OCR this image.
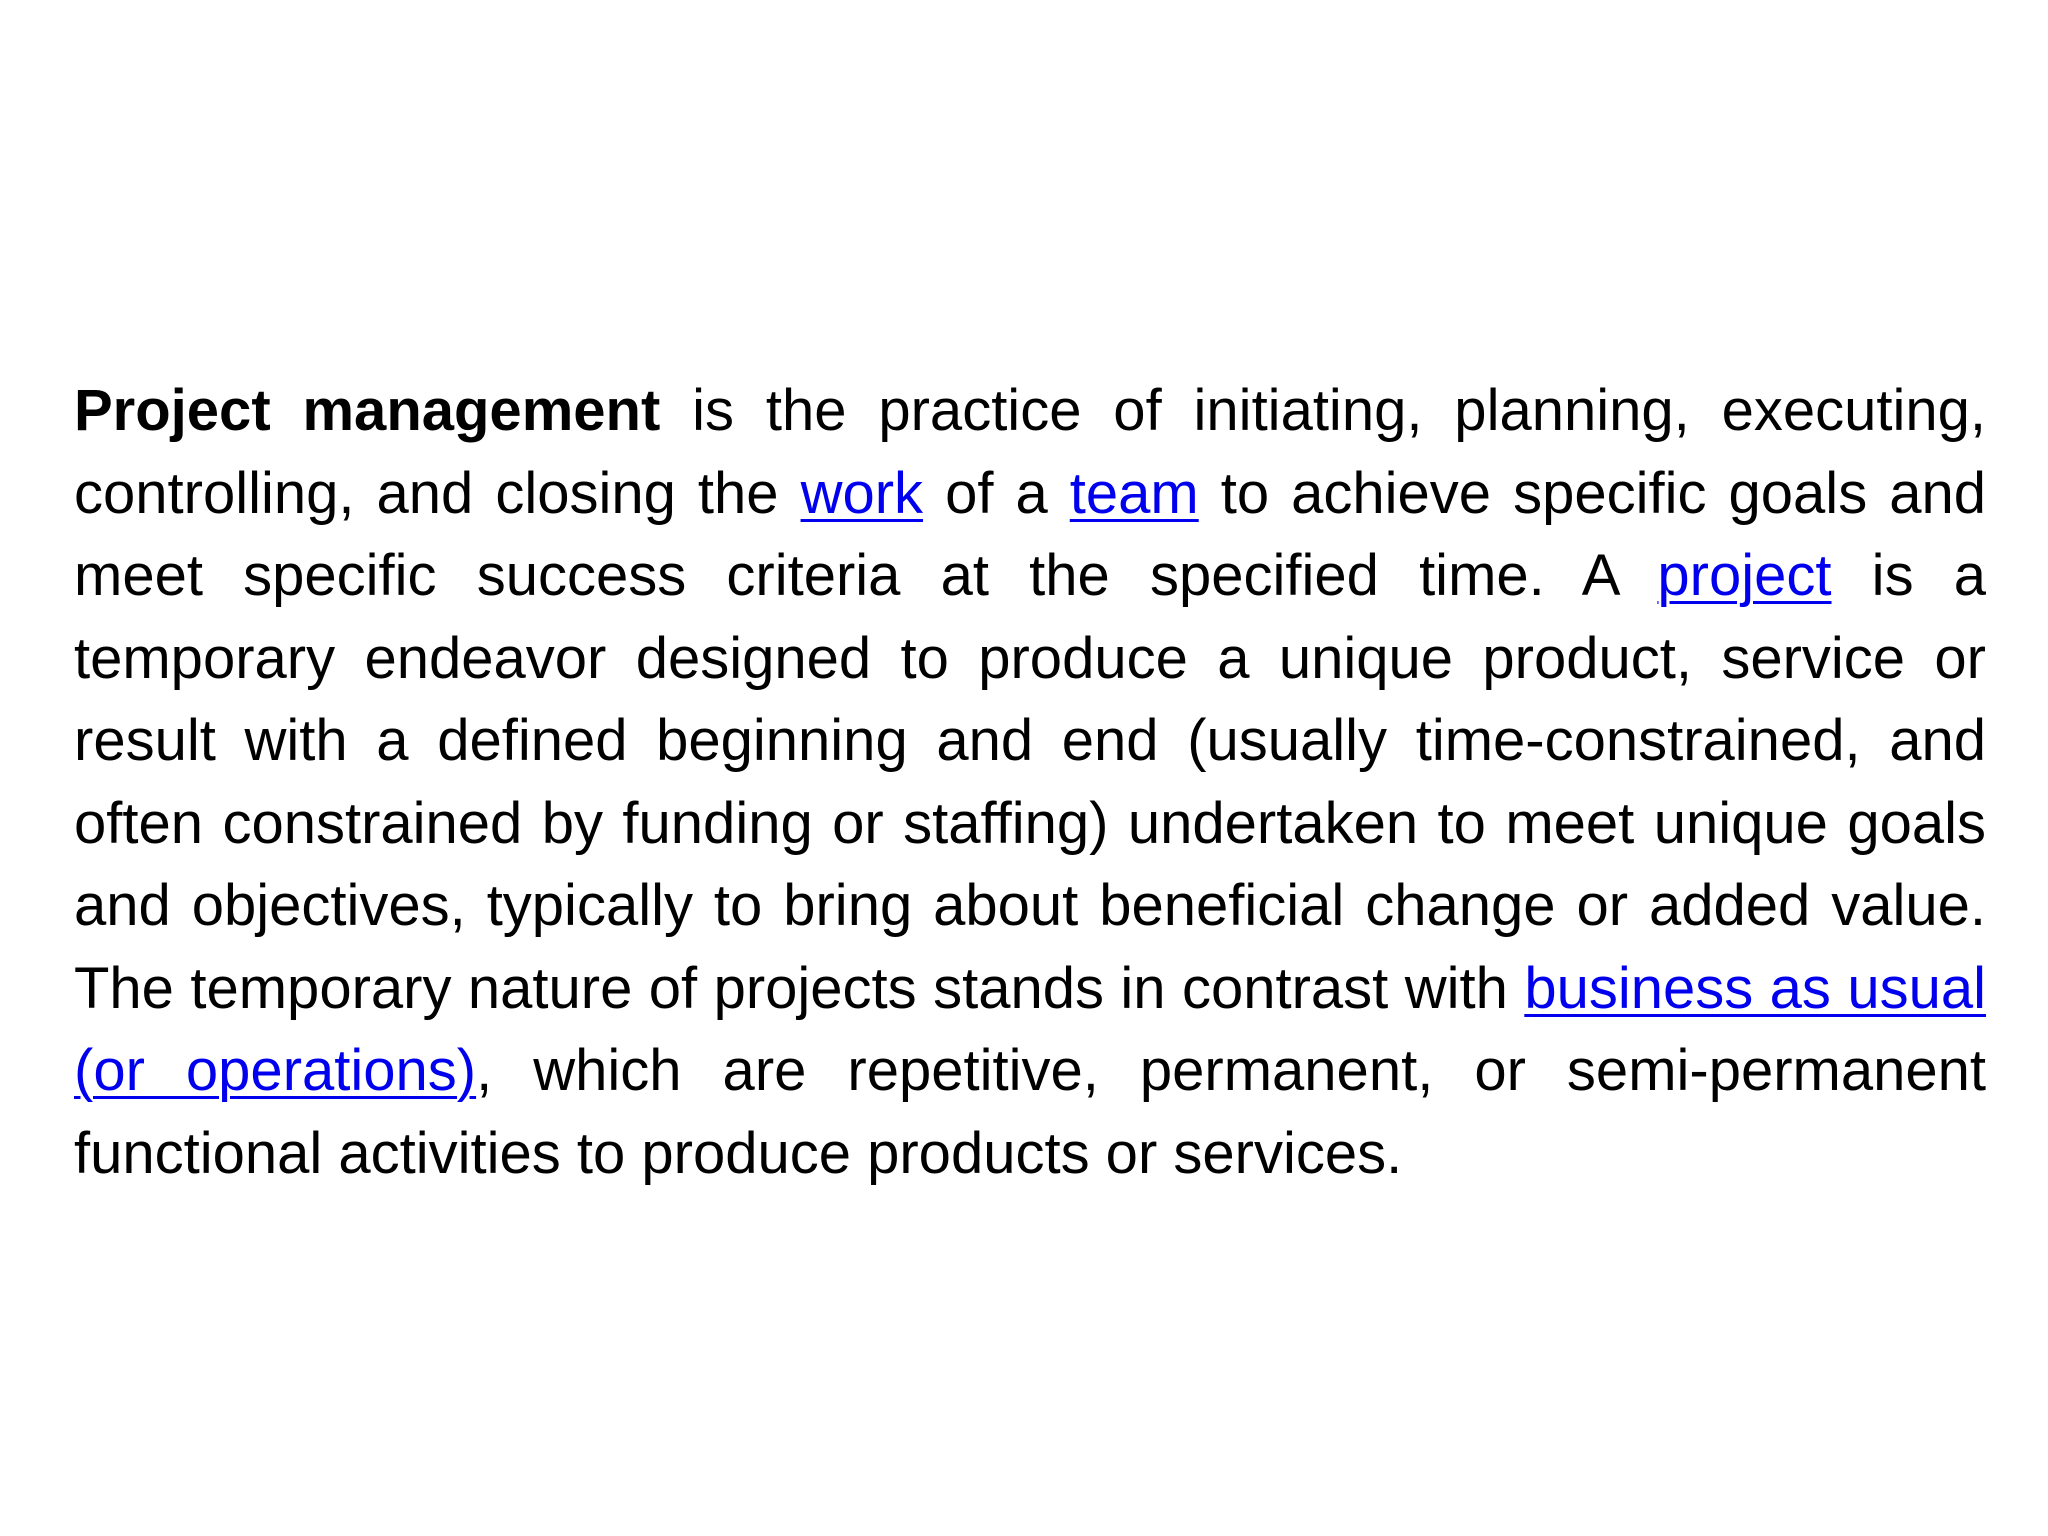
Project management is the practice of initiating, planning, executing, controlling, and closing the work of a team to achieve specific goals and meet specific success criteria at the specified time. A project is a temporary endeavor designed to produce a unique product, service or result with a defined beginning and end (usually time-constrained, and often constrained by funding or staffing) undertaken to meet unique goals and objectives, typically to bring about beneficial change or added value. The temporary nature of projects stands in contrast with business as usual (or operations), which are repetitive, permanent, or semi-permanent functional activities to produce products or services.
